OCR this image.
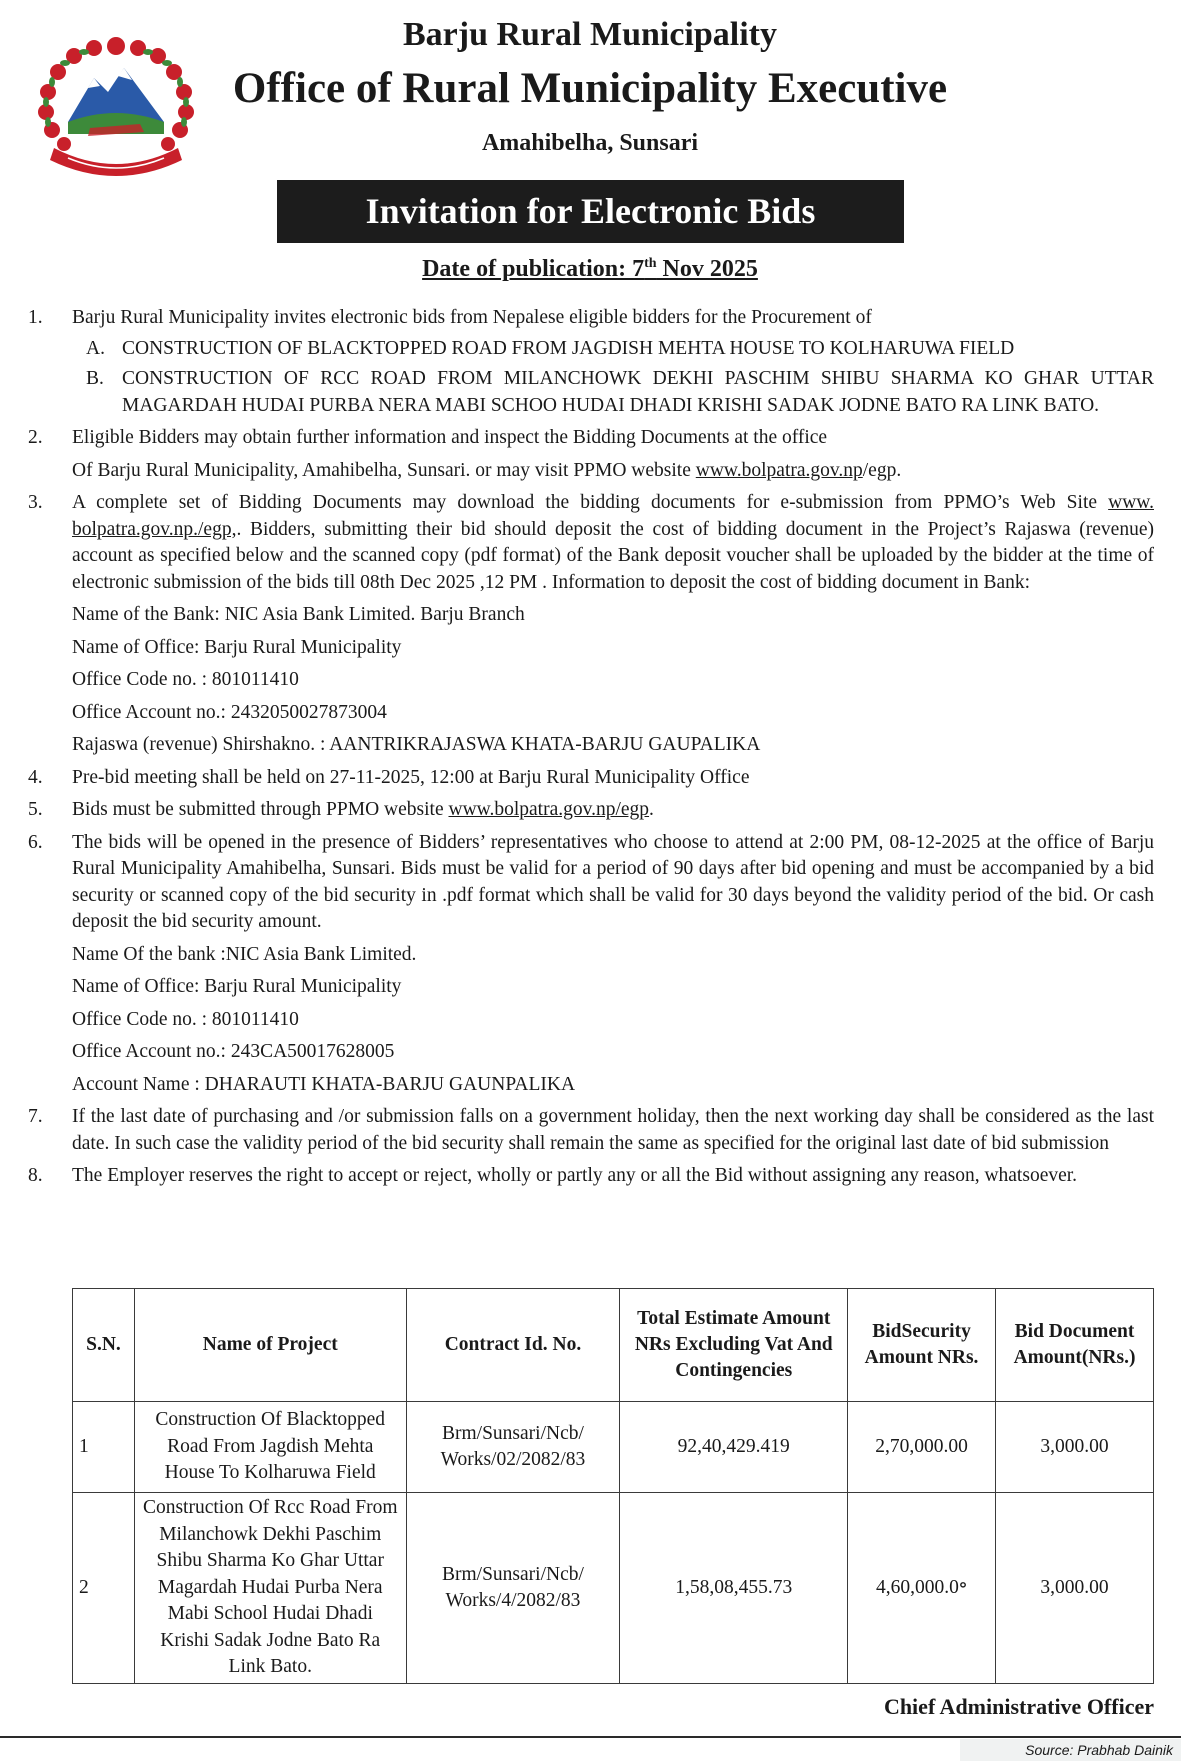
Barju Rural Municipality
Office of Rural Municipality Executive
Amahibelha, Sunsari
Invitation for Electronic Bids
Date of publication: 7th Nov 2025
1.	Barju Rural Municipality invites electronic bids from Nepalese eligible bidders for the Procurement of
A. CONSTRUCTION OF BLACKTOPPED ROAD FROM JAGDISH MEHTA HOUSE TO KOLHARUWA FIELD
B. CONSTRUCTION OF RCC ROAD FROM MILANCHOWK DEKHI PASCHIM SHIBU SHARMA KO GHAR UTTAR MAGARDAH HUDAI PURBA NERA MABI SCHOO HUDAI DHADI KRISHI SADAK JODNE BATO RA LINK BATO.
2.	Eligible Bidders may obtain further information and inspect the Bidding Documents at the office
Of Barju Rural Municipality, Amahibelha, Sunsari. or may visit PPMO website www.bolpatra.gov.np/egp.
3.	A complete set of Bidding Documents may download the bidding documents for e-submission from PPMO’s Web Site www. bolpatra.gov.np./egp,. Bidders, submitting their bid should deposit the cost of bidding document in the Project’s Rajaswa (revenue) account as specified below and the scanned copy (pdf format) of the Bank deposit voucher shall be uploaded by the bidder at the time of electronic submission of the bids till 08th Dec 2025 ,12 PM . Information to deposit the cost of bidding document in Bank:
Name of the Bank: NIC Asia Bank Limited. Barju Branch
Name of Office: Barju Rural Municipality
Office Code no. : 801011410
Office Account no.: 2432050027873004
Rajaswa (revenue) Shirshakno. : AANTRIKRAJASWA KHATA-BARJU GAUPALIKA
4.	Pre-bid meeting shall be held on 27-11-2025, 12:00 at Barju Rural Municipality Office
5.	Bids must be submitted through PPMO website www.bolpatra.gov.np/egp.
6.	The bids will be opened in the presence of Bidders’ representatives who choose to attend at 2:00 PM, 08-12-2025 at the office of Barju Rural Municipality Amahibelha, Sunsari. Bids must be valid for a period of 90 days after bid opening and must be accompanied by a bid security or scanned copy of the bid security in .pdf format which shall be valid for 30 days beyond the validity period of the bid. Or cash deposit the bid security amount.
Name Of the bank :NIC Asia Bank Limited.
Name of Office: Barju Rural Municipality
Office Code no. : 801011410
Office Account no.: 243CA50017628005
Account Name : DHARAUTI KHATA-BARJU GAUNPALIKA
7.	If the last date of purchasing and /or submission falls on a government holiday, then the next working day shall be considered as the last date. In such case the validity period of the bid security shall remain the same as specified for the original last date of bid submission
8.	The Employer reserves the right to accept or reject, wholly or partly any or all the Bid without assigning any reason, whatsoever.
S.N.	Name of Project	Contract Id. No.	Total Estimate Amount NRs Excluding Vat And Contingencies	BidSecurity Amount NRs.	Bid Document Amount(NRs.)
1	Construction Of Blacktopped Road From Jagdish Mehta House To Kolharuwa Field	Brm/Sunsari/Ncb/ Works/02/2082/83	92,40,429.419	2,70,000.00	3,000.00
2	Construction Of Rcc Road From Milanchowk Dekhi Paschim Shibu Sharma Ko Ghar Uttar Magardah Hudai Purba Nera Mabi School Hudai Dhadi Krishi Sadak Jodne Bato Ra Link Bato.	Brm/Sunsari/Ncb/ Works/4/2082/83	1,58,08,455.73	4,60,000.0॰	3,000.00
Chief Administrative Officer
Source: Prabhab Dainik
